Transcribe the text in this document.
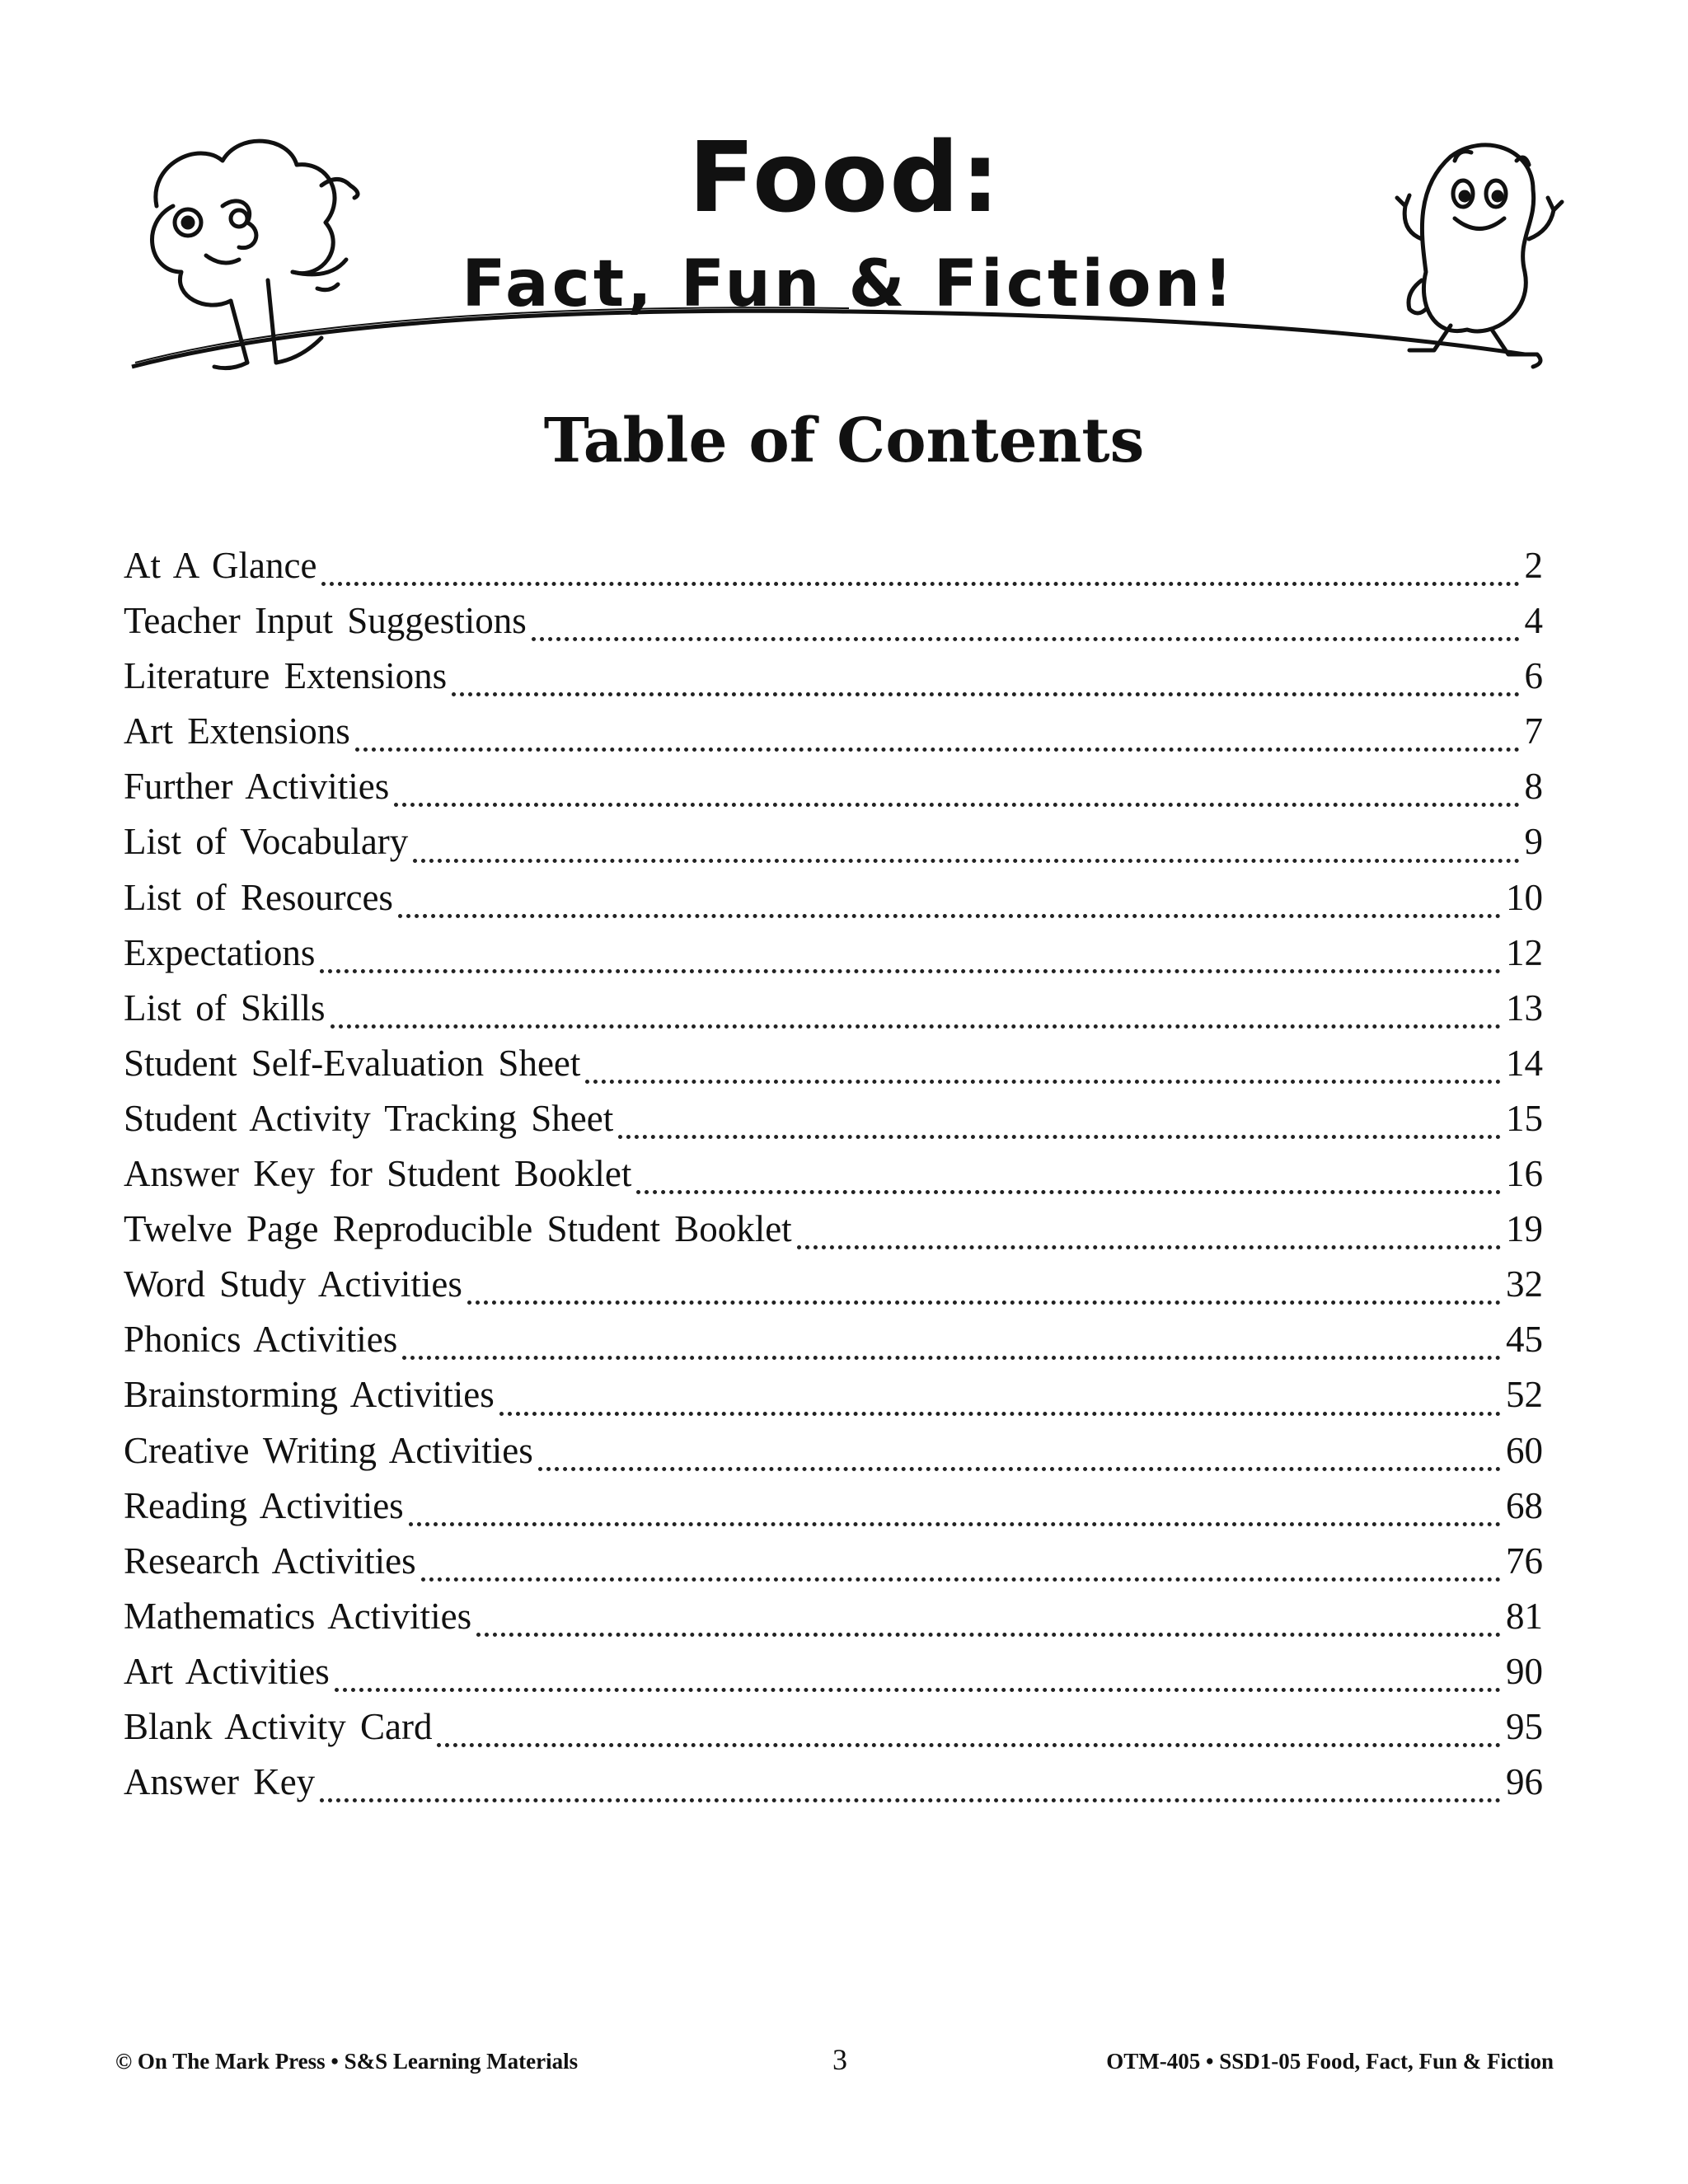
Food:
Fact, Fun & Fiction!
Table of Contents
At A Glance	2
Teacher Input Suggestions	4
Literature Extensions	6
Art Extensions	7
Further Activities	8
List of Vocabulary	9
List of Resources	10
Expectations	12
List of Skills	13
Student Self-Evaluation Sheet	14
Student Activity Tracking Sheet	15
Answer Key for Student Booklet	16
Twelve Page Reproducible Student Booklet	19
Word Study Activities	32
Phonics Activities	45
Brainstorming Activities	52
Creative Writing Activities	60
Reading Activities	68
Research Activities	76
Mathematics Activities	81
Art Activities	90
Blank Activity Card	95
Answer Key	96
© On The Mark Press • S&S Learning Materials	3	OTM-405 • SSD1-05 Food, Fact, Fun & Fiction
